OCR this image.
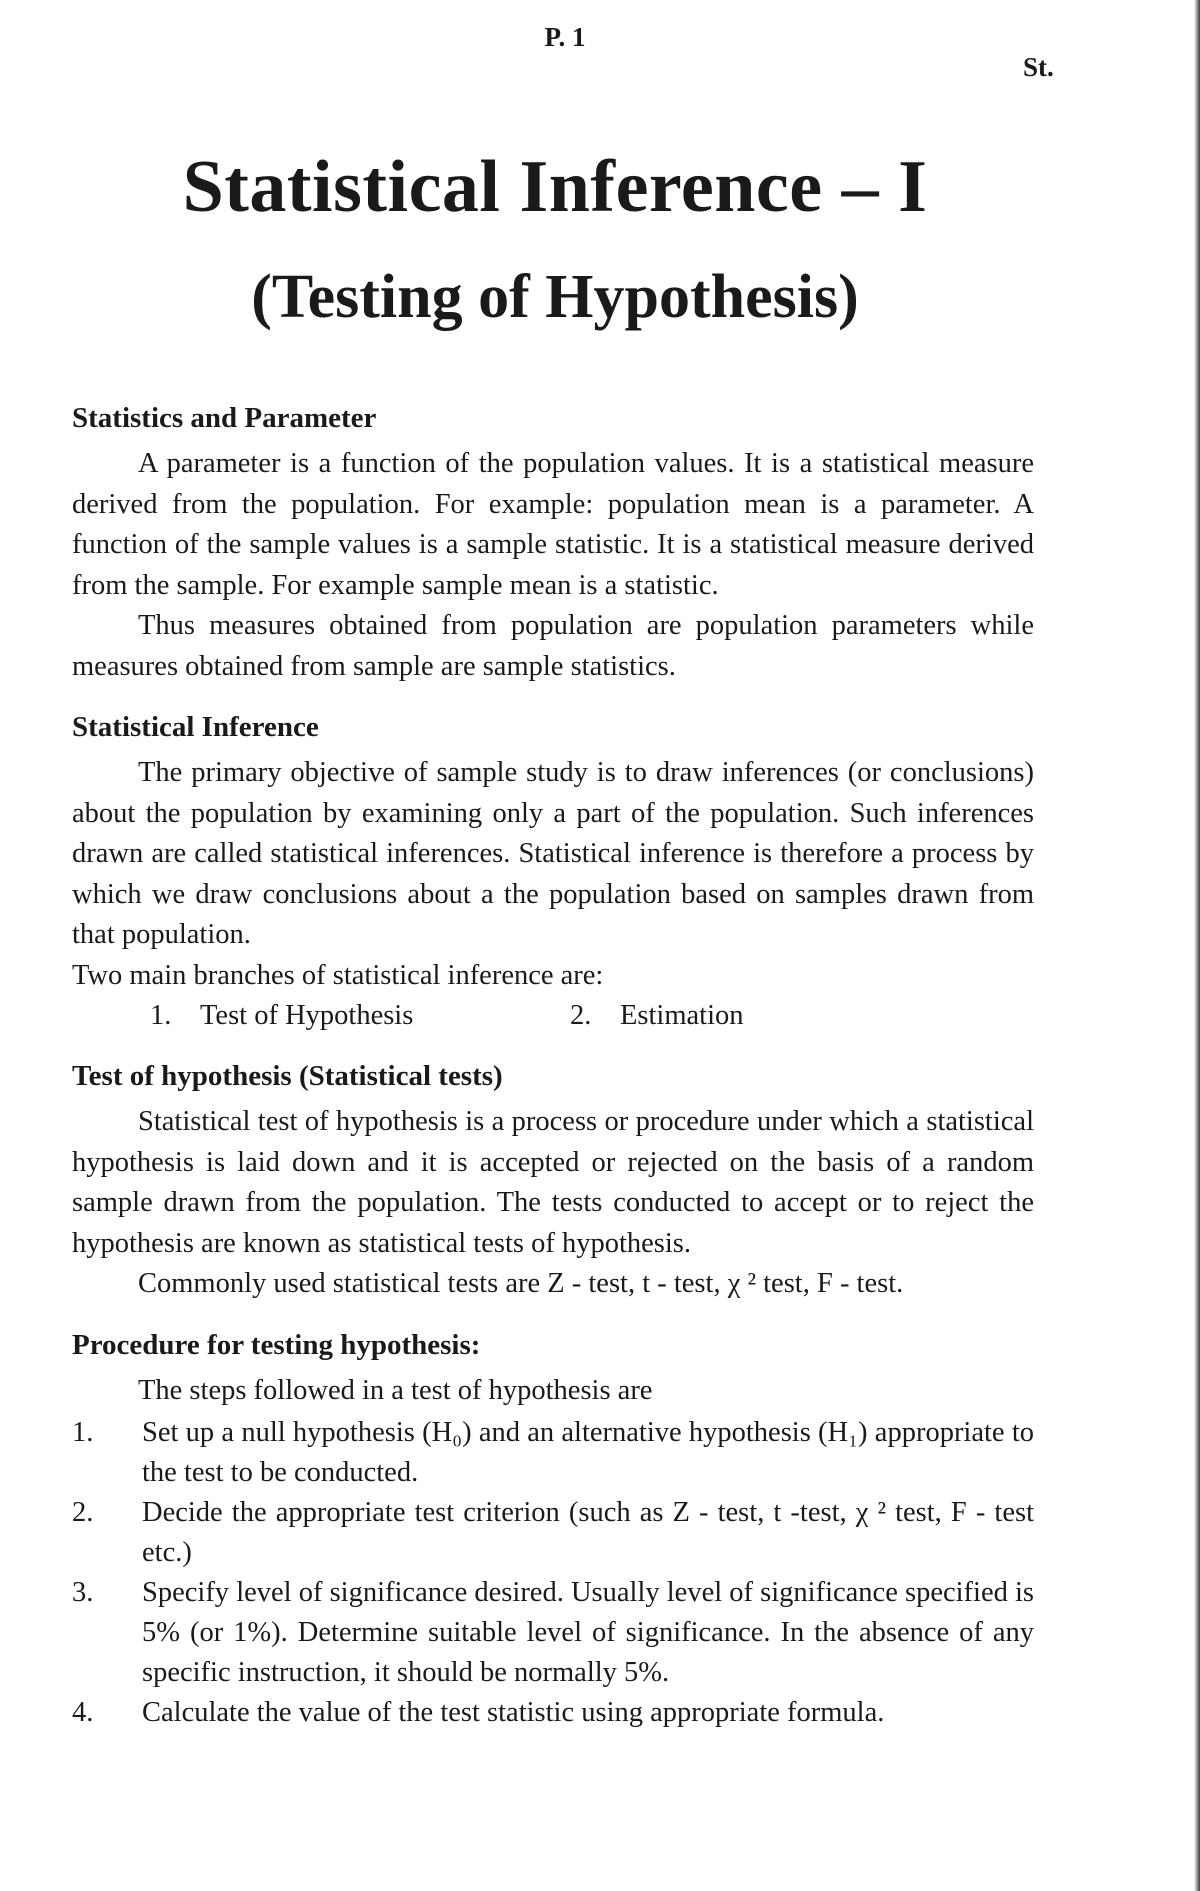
P. 1
St.
Statistical Inference – I
(Testing of Hypothesis)
Statistics and Parameter

A parameter is a function of the population values. It is a statistical measure derived from the population. For example: population mean is a parameter. A function of the sample values is a sample statistic. It is a statistical measure derived from the sample. For example sample mean is a statistic.

Thus measures obtained from population are population parameters while measures obtained from sample are sample statistics.

Statistical Inference

The primary objective of sample study is to draw inferences (or conclusions) about the population by examining only a part of the population. Such inferences drawn are called statistical inferences. Statistical inference is therefore a process by which we draw conclusions about a the population based on samples drawn from that population.

Two main branches of statistical inference are:

1.	Test of Hypothesis	2.	Estimation
Test of hypothesis (Statistical tests)

Statistical test of hypothesis is a process or procedure under which a statistical hypothesis is laid down and it is accepted or rejected on the basis of a random sample drawn from the population. The tests conducted to accept or to reject the hypothesis are known as statistical tests of hypothesis.

Commonly used statistical tests are Z - test, t - test, χ ² test, F - test.

Procedure for testing hypothesis:

The steps followed in a test of hypothesis are

1.	Set up a null hypothesis (H₀) and an alternative hypothesis (H₁) appropriate to the test to be conducted.
2.	Decide the appropriate test criterion (such as Z - test, t -test, χ ² test, F - test etc.)
3.	Specify level of significance desired. Usually level of significance specified is 5% (or 1%). Determine suitable level of significance. In the absence of any specific instruction, it should be normally 5%.
4.	Calculate the value of the test statistic using appropriate formula.
